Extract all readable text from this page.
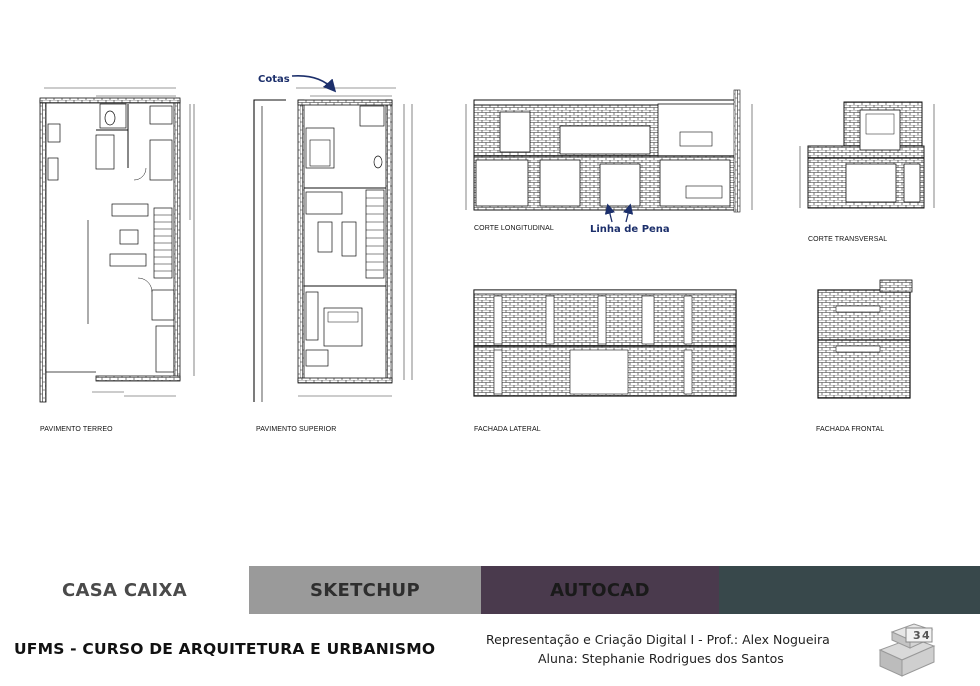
Cotas
Linha de Pena
CORTE LONGITUDINAL
CORTE TRANSVERSAL
PAVIMENTO TERREO	PAVIMENTO SUPERIOR	FACHADA LATERAL	FACHADA FRONTAL
CASA CAIXA	SKETCHUP	AUTOCAD
UFMS - CURSO DE ARQUITETURA E URBANISMO
Representação e Criação Digital I - Prof.: Alex Nogueira
Aluna: Stephanie Rodrigues dos Santos
3 4
